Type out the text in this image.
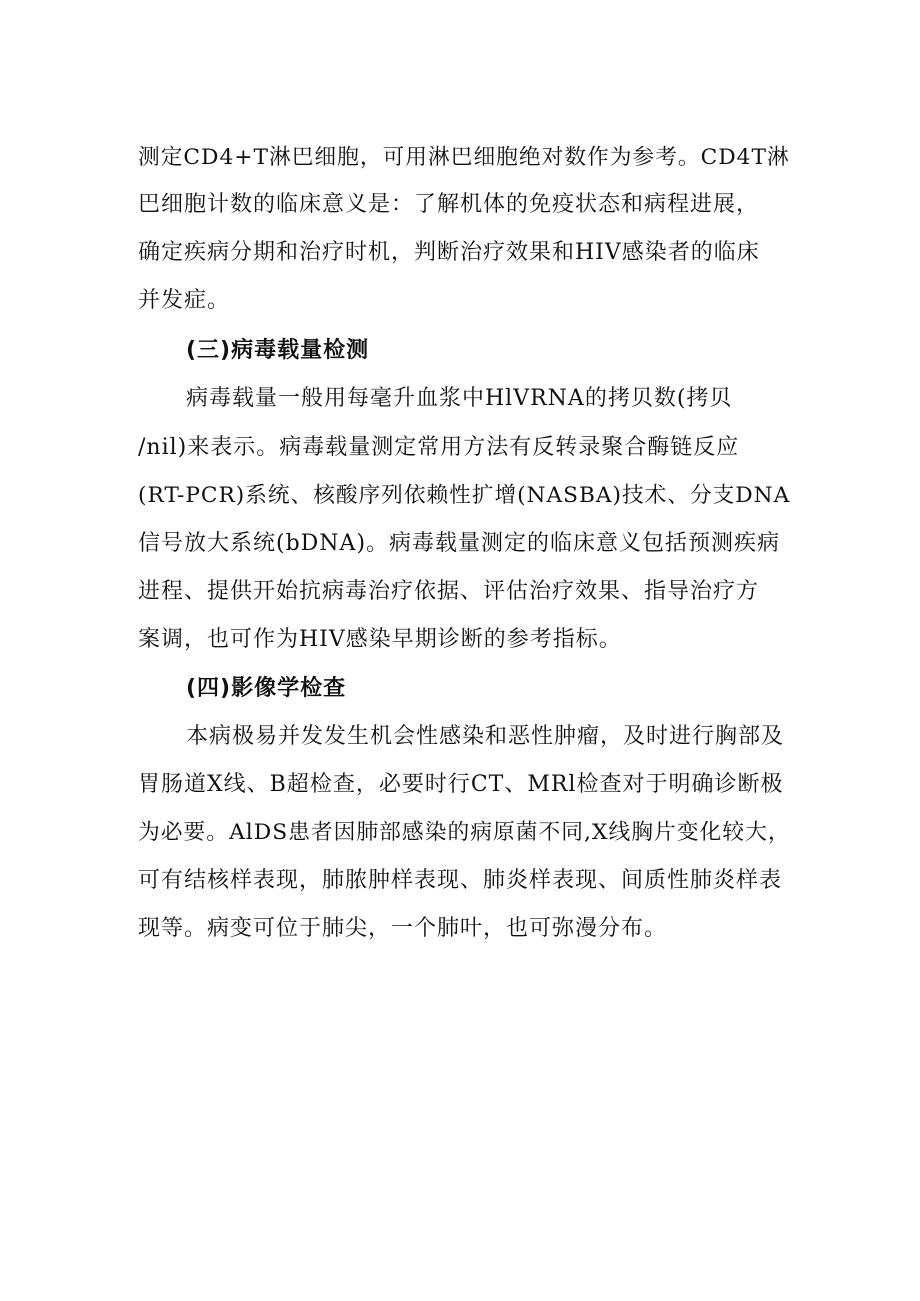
测定CD4+T淋巴细胞，可用淋巴细胞绝对数作为参考。CD4T淋
巴细胞计数的临床意义是：了解机体的免疫状态和病程进展，
确定疾病分期和治疗时机，判断治疗效果和HIV感染者的临床
并发症。
(三)病毒载量检测
病毒载量一般用每毫升血浆中HlVRNA的拷贝数(拷贝
/nil)来表示。病毒载量测定常用方法有反转录聚合酶链反应
(RT-PCR)系统、核酸序列依赖性扩增(NASBA)技术、分支DNA
信号放大系统(bDNA)。病毒载量测定的临床意义包括预测疾病
进程、提供开始抗病毒治疗依据、评估治疗效果、指导治疗方
案调，也可作为HIV感染早期诊断的参考指标。
(四)影像学检查
本病极易并发发生机会性感染和恶性肿瘤，及时进行胸部及
胃肠道X线、B超检查，必要时行CT、MRl检查对于明确诊断极
为必要。AlDS患者因肺部感染的病原菌不同,X线胸片变化较大，
可有结核样表现，肺脓肿样表现、肺炎样表现、间质性肺炎样表
现等。病变可位于肺尖，一个肺叶，也可弥漫分布。
